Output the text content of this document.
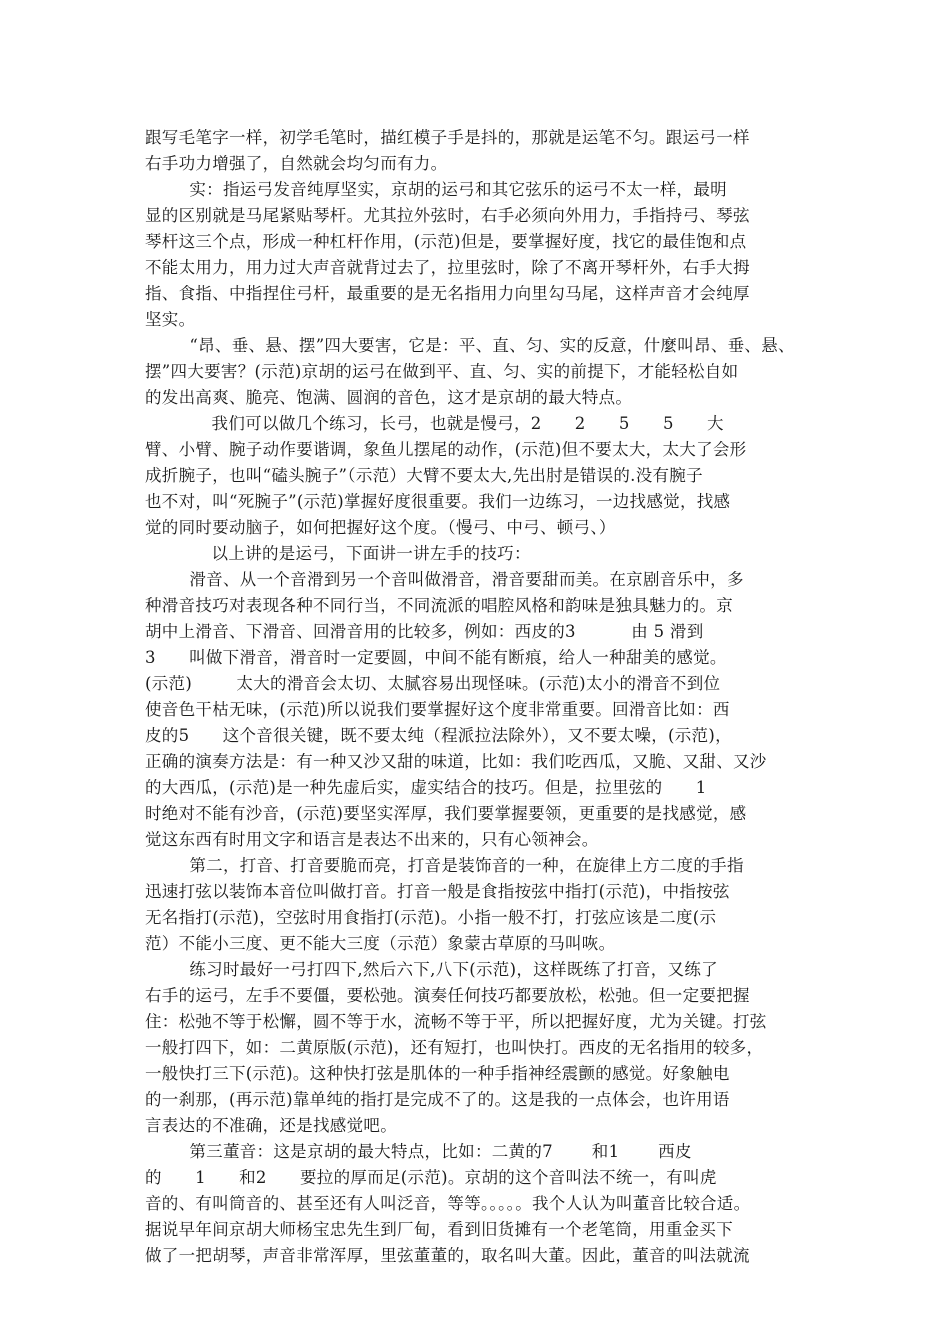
跟写毛笔字一样，初学毛笔时，描红模子手是抖的，那就是运笔不匀。跟运弓一样
右手功力增强了，自然就会均匀而有力。
实：指运弓发音纯厚坚实，京胡的运弓和其它弦乐的运弓不太一样，最明
显的区别就是马尾紧贴琴杆。尤其拉外弦时，右手必须向外用力，手指持弓、琴弦
琴杆这三个点，形成一种杠杆作用，(示范)但是，要掌握好度，找它的最佳饱和点
不能太用力，用力过大声音就背过去了，拉里弦时，除了不离开琴杆外，右手大拇
指、食指、中指捏住弓杆，最重要的是无名指用力向里勾马尾，这样声音才会纯厚
坚实。
“昂、垂、悬、摆”四大要害，它是：平、直、匀、实的反意，什麼叫昂、垂、悬、
摆”四大要害？(示范)京胡的运弓在做到平、直、匀、实的前提下，才能轻松自如
的发出高爽、脆亮、饱满、圆润的音色，这才是京胡的最大特点。
我们可以做几个练习，长弓，也就是慢弓，2      2      5      5      大
臂、小臂、腕子动作要谐调，象鱼儿摆尾的动作，(示范)但不要太大，太大了会形
成折腕子，也叫“磕头腕子”（示范）大臂不要太大,先出肘是错误的.没有腕子
也不对，叫“死腕子”(示范)掌握好度很重要。我们一边练习，一边找感觉，找感
觉的同时要动脑子，如何把握好这个度。（慢弓、中弓、顿弓、）
以上讲的是运弓，下面讲一讲左手的技巧：
滑音、从一个音滑到另一个音叫做滑音，滑音要甜而美。在京剧音乐中，多
种滑音技巧对表现各种不同行当，不同流派的唱腔风格和韵味是独具魅力的。京
胡中上滑音、下滑音、回滑音用的比较多，例如：西皮的3          由 5 滑到
3      叫做下滑音，滑音时一定要圆，中间不能有断痕，给人一种甜美的感觉。
(示范)        太大的滑音会太切、太腻容易出现怪味。(示范)太小的滑音不到位
使音色干枯无味，(示范)所以说我们要掌握好这个度非常重要。回滑音比如：西
皮的5      这个音很关键，既不要太纯（程派拉法除外），又不要太噪，(示范)，
正确的演奏方法是：有一种又沙又甜的味道，比如：我们吃西瓜，又脆、又甜、又沙
的大西瓜，(示范)是一种先虚后实，虚实结合的技巧。但是，拉里弦的      1
时绝对不能有沙音，(示范)要坚实浑厚，我们要掌握要领，更重要的是找感觉，感
觉这东西有时用文字和语言是表达不出来的，只有心领神会。
第二，打音、打音要脆而亮，打音是装饰音的一种，在旋律上方二度的手指
迅速打弦以装饰本音位叫做打音。打音一般是食指按弦中指打(示范)，中指按弦
无名指打(示范)，空弦时用食指打(示范)。小指一般不打，打弦应该是二度(示
范）不能小三度、更不能大三度（示范）象蒙古草原的马叫咴。
练习时最好一弓打四下,然后六下,八下(示范)，这样既练了打音，又练了
右手的运弓，左手不要僵，要松弛。演奏任何技巧都要放松，松弛。但一定要把握
住：松弛不等于松懈，圆不等于水，流畅不等于平，所以把握好度，尤为关键。打弦
一般打四下，如：二黄原版(示范)，还有短打，也叫快打。西皮的无名指用的较多，
一般快打三下(示范)。这种快打弦是肌体的一种手指神经震颤的感觉。好象触电
的一刹那，(再示范)靠单纯的指打是完成不了的。这是我的一点体会，也许用语
言表达的不准确，还是找感觉吧。
第三董音：这是京胡的最大特点，比如：二黄的7       和1       西皮
的      1      和2      要拉的厚而足(示范)。京胡的这个音叫法不统一，有叫虎
音的、有叫筒音的、甚至还有人叫泛音，等等。。。。。我个人认为叫董音比较合适。
据说早年间京胡大师杨宝忠先生到厂甸，看到旧货摊有一个老笔筒，用重金买下
做了一把胡琴，声音非常浑厚，里弦董董的，取名叫大董。因此，董音的叫法就流
